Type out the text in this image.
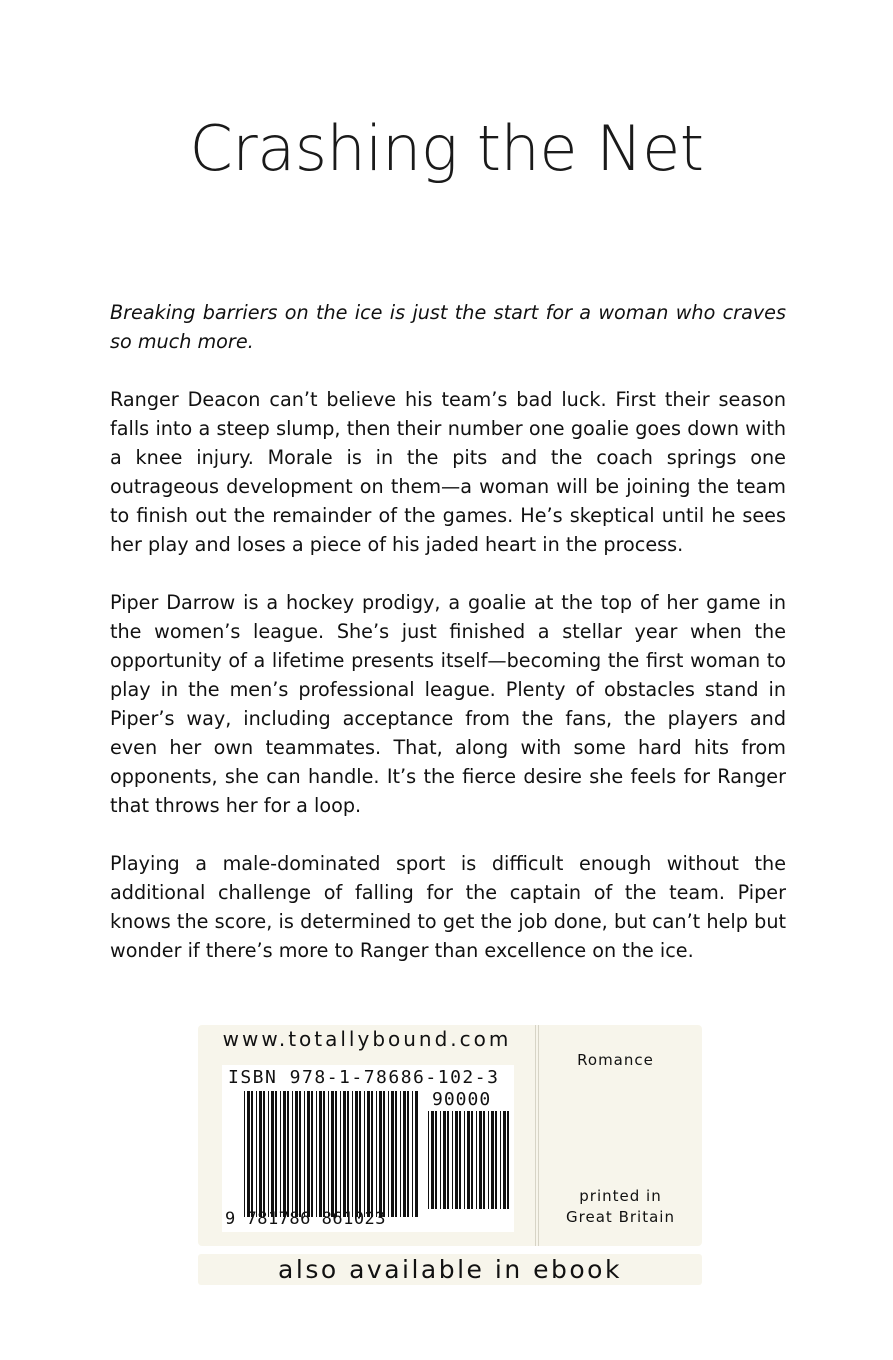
Crashing the Net

Breaking barriers on the ice is just the start for a woman who craves so much more.

Ranger Deacon can’t believe his team’s bad luck. First their season falls into a steep slump, then their number one goalie goes down with a knee injury. Morale is in the pits and the coach springs one outrageous development on them—a woman will be joining the team to finish out the remainder of the games. He’s skeptical until he sees her play and loses a piece of his jaded heart in the process.

Piper Darrow is a hockey prodigy, a goalie at the top of her game in the women’s league. She’s just finished a stellar year when the opportunity of a lifetime presents itself—becoming the first woman to play in the men’s professional league. Plenty of obstacles stand in Piper’s way, including acceptance from the fans, the players and even her own teammates. That, along with some hard hits from opponents, she can handle. It’s the fierce desire she feels for Ranger that throws her for a loop.

Playing a male-dominated sport is difficult enough without the additional challenge of falling for the captain of the team. Piper knows the score, is determined to get the job done, but can’t help but wonder if there’s more to Ranger than excellence on the ice.

www.totallybound.com
ISBN 978-1-78686-102-3
90000
9 781786 861023
Romance
printed in
Great Britain
also available in ebook
